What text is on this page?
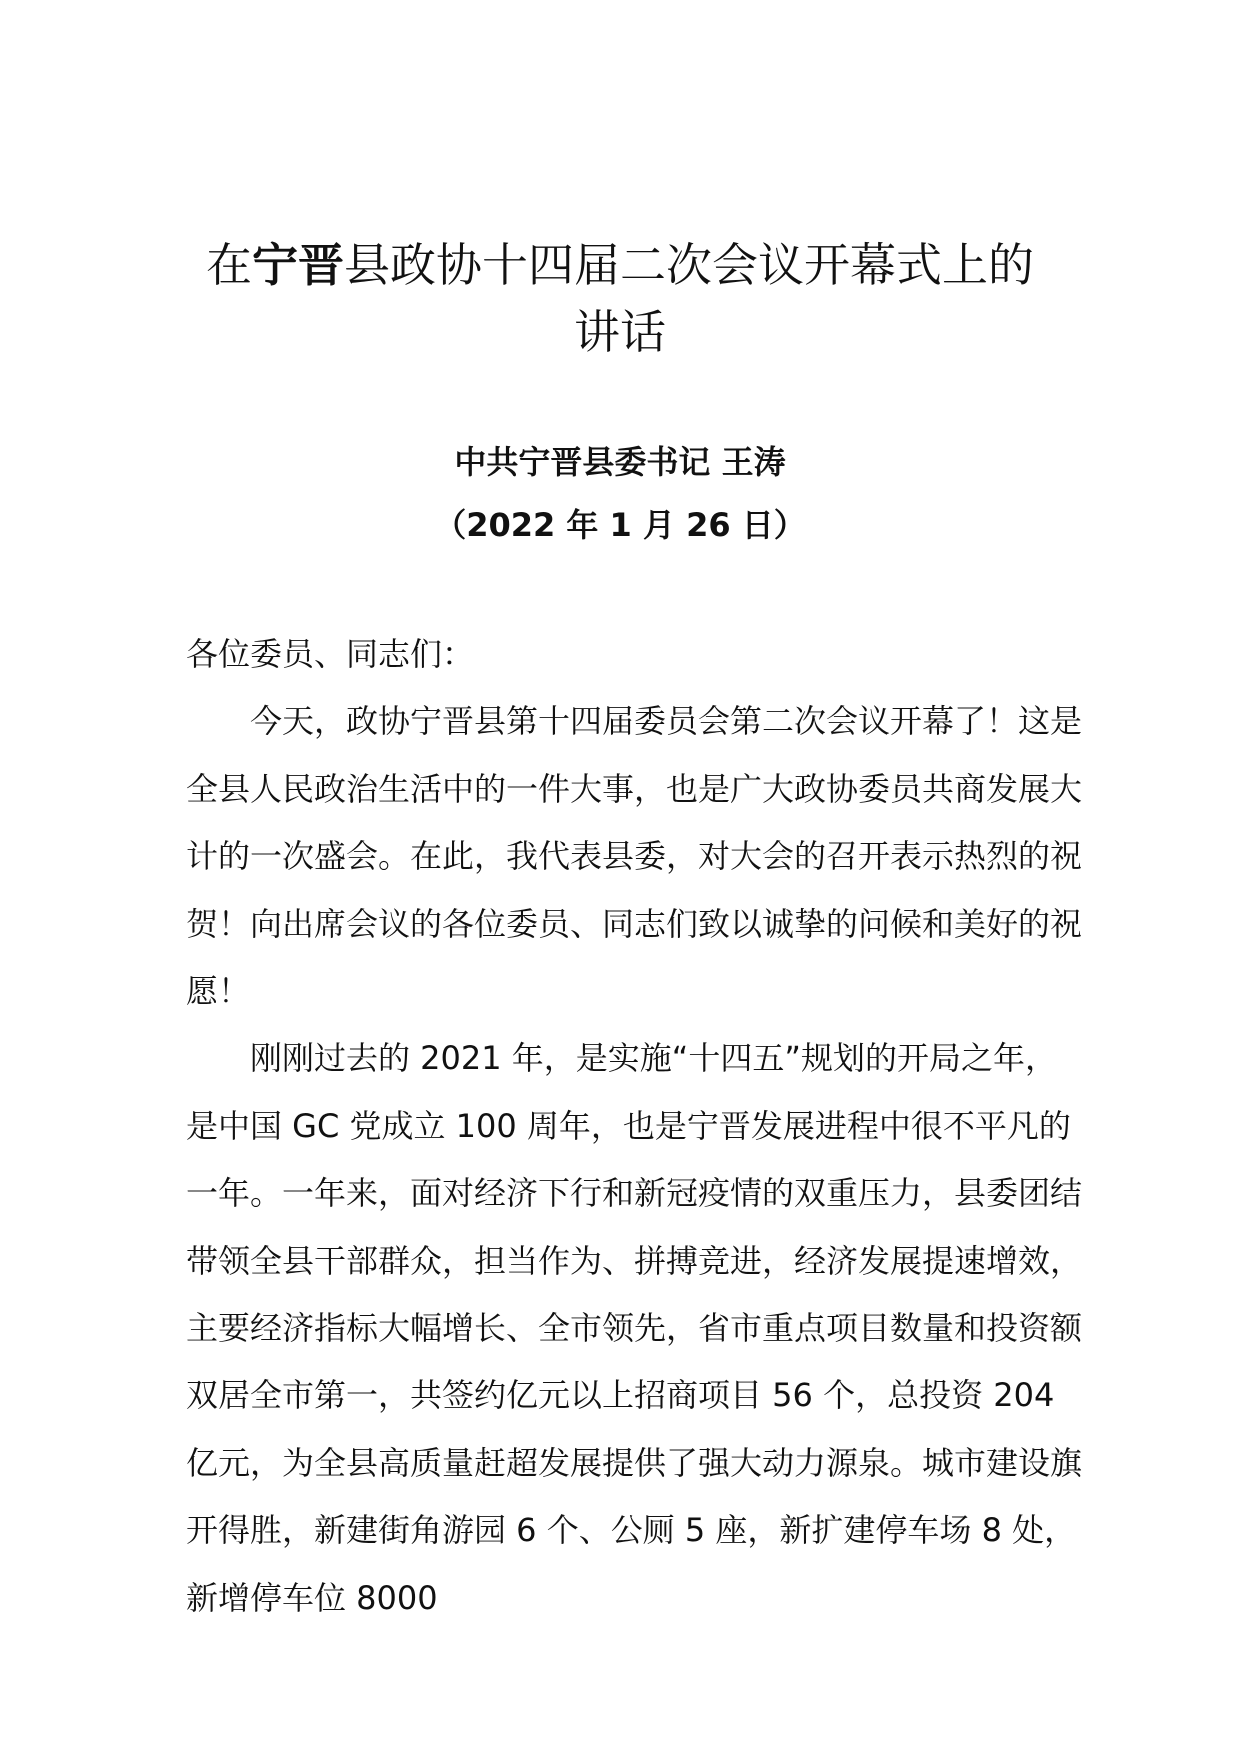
在宁晋县政协十四届二次会议开幕式上的
讲话

中共宁晋县委书记 王涛

（2022 年 1 月 26 日）

各位委员、同志们：

今天，政协宁晋县第十四届委员会第二次会议开幕了！这是全县人民政治生活中的一件大事，也是广大政协委员共商发展大计的一次盛会。在此，我代表县委，对大会的召开表示热烈的祝贺！向出席会议的各位委员、同志们致以诚挚的问候和美好的祝愿！

刚刚过去的 2021 年，是实施“十四五”规划的开局之年，是中国 GC 党成立 100 周年，也是宁晋发展进程中很不平凡的一年。一年来，面对经济下行和新冠疫情的双重压力，县委团结带领全县干部群众，担当作为、拼搏竞进，经济发展提速增效，主要经济指标大幅增长、全市领先，省市重点项目数量和投资额双居全市第一，共签约亿元以上招商项目 56 个，总投资 204 亿元，为全县高质量赶超发展提供了强大动力源泉。城市建设旗开得胜，新建街角游园 6 个、公厕 5 座，新扩建停车场 8 处，新增停车位 8000
